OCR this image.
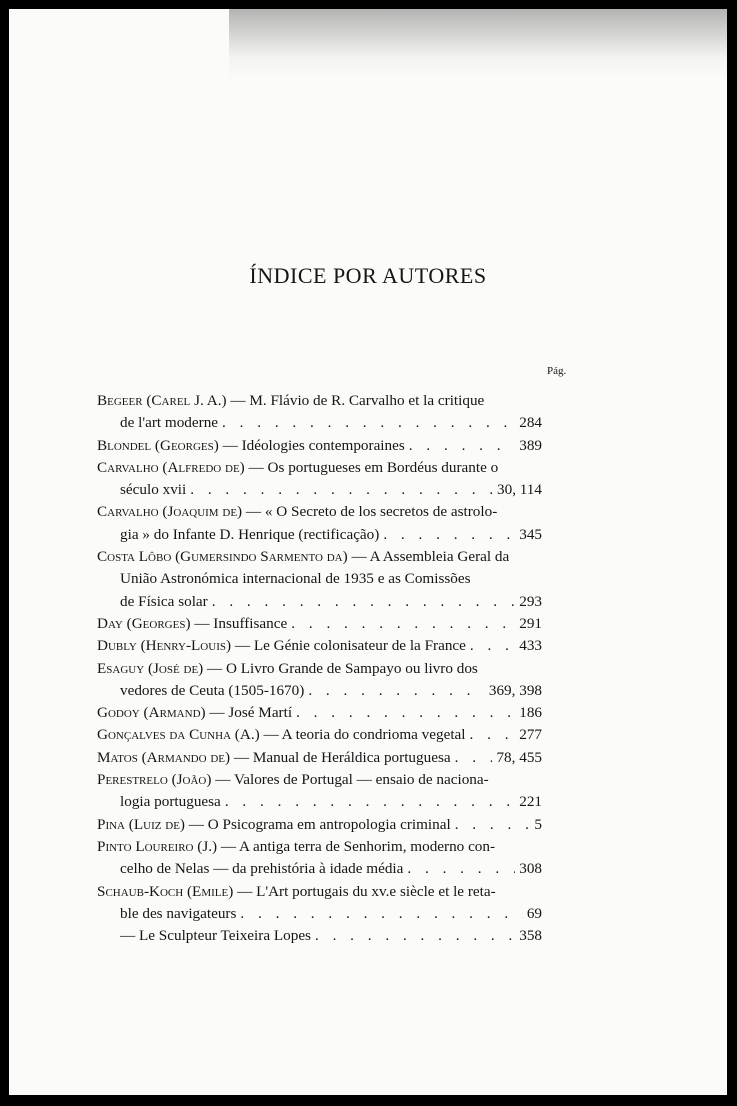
ÍNDICE POR AUTORES
Pág.
Begeer (Carel J. A.) — M. Flávio de R. Carvalho et la critique
de l'art moderne . . .	284
Blondel (Georges) — Idéologies contemporaines . . .	389
Carvalho (Alfredo de) — Os portugueses em Bordéus durante o
século xvii . . .	30, 114
Carvalho (Joaquim de) — « O Secreto de los secretos de astrolo-
gia » do Infante D. Henrique (rectificação) . . .	345
Costa Lôbo (Gumersindo Sarmento da) — A Assembleia Geral da
União Astronómica internacional de 1935 e as Comissões
de Física solar . . .	293
Day (Georges) — Insuffisance . . .	291
Dubly (Henry-Louis) — Le Génie colonisateur de la France . . .	433
Esaguy (José de) — O Livro Grande de Sampayo ou livro dos
vedores de Ceuta (1505-1670) . . .	369, 398
Godoy (Armand) — José Martí . . .	186
Gonçalves da Cunha (A.) — A teoria do condrioma vegetal . . .	277
Matos (Armando de) — Manual de Heráldica portuguesa . . .	78, 455
Perestrelo (João) — Valores de Portugal — ensaio de naciona-
logia portuguesa . . .	221
Pina (Luiz de) — O Psicograma em antropologia criminal . . .	5
Pinto Loureiro (J.) — A antiga terra de Senhorim, moderno con-
celho de Nelas — da prehistória à idade média . . .	308
Schaub-Koch (Emile) — L'Art portugais du xv.e siècle et le reta-
ble des navigateurs . . .	69
— Le Sculpteur Teixeira Lopes . . .	358
